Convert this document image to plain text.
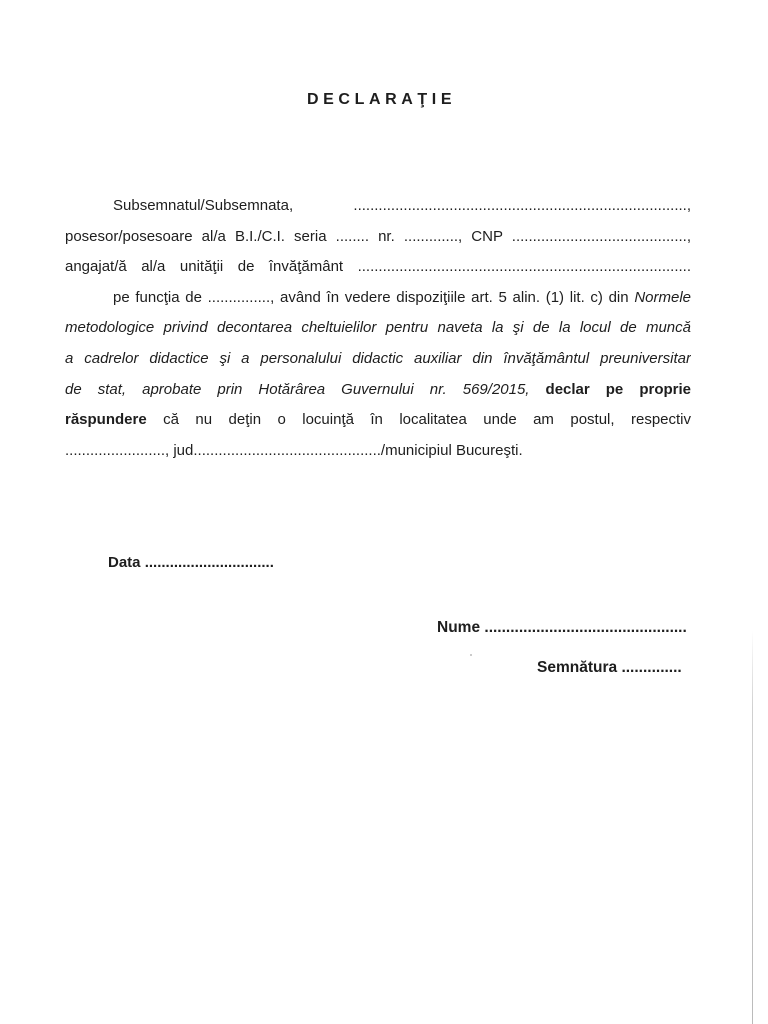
DECLARAŢIE
Subsemnatul/Subsemnata,	................................................................................,
posesor/posesoare al/a B.I./C.I. seria ........ nr. ............., CNP ..........................................,
angajat/ă al/a unităţii de învăţământ ................................................................................
pe funcţia de ..............., având în vedere dispoziţiile art. 5 alin. (1) lit. c) din Normele
metodologice privind decontarea cheltuielilor pentru naveta la şi de la locul de muncă
a cadrelor didactice şi a personalului didactic auxiliar din învăţământul preuniversitar
de stat, aprobate prin Hotărârea Guvernului nr. 569/2015, declar pe proprie
răspundere că nu deţin o locuinţă în localitatea unde am postul, respectiv
........................, jud............................................./municipiul Bucureşti.
Data ...............................
Nume ...............................................
Semnătura ..............
